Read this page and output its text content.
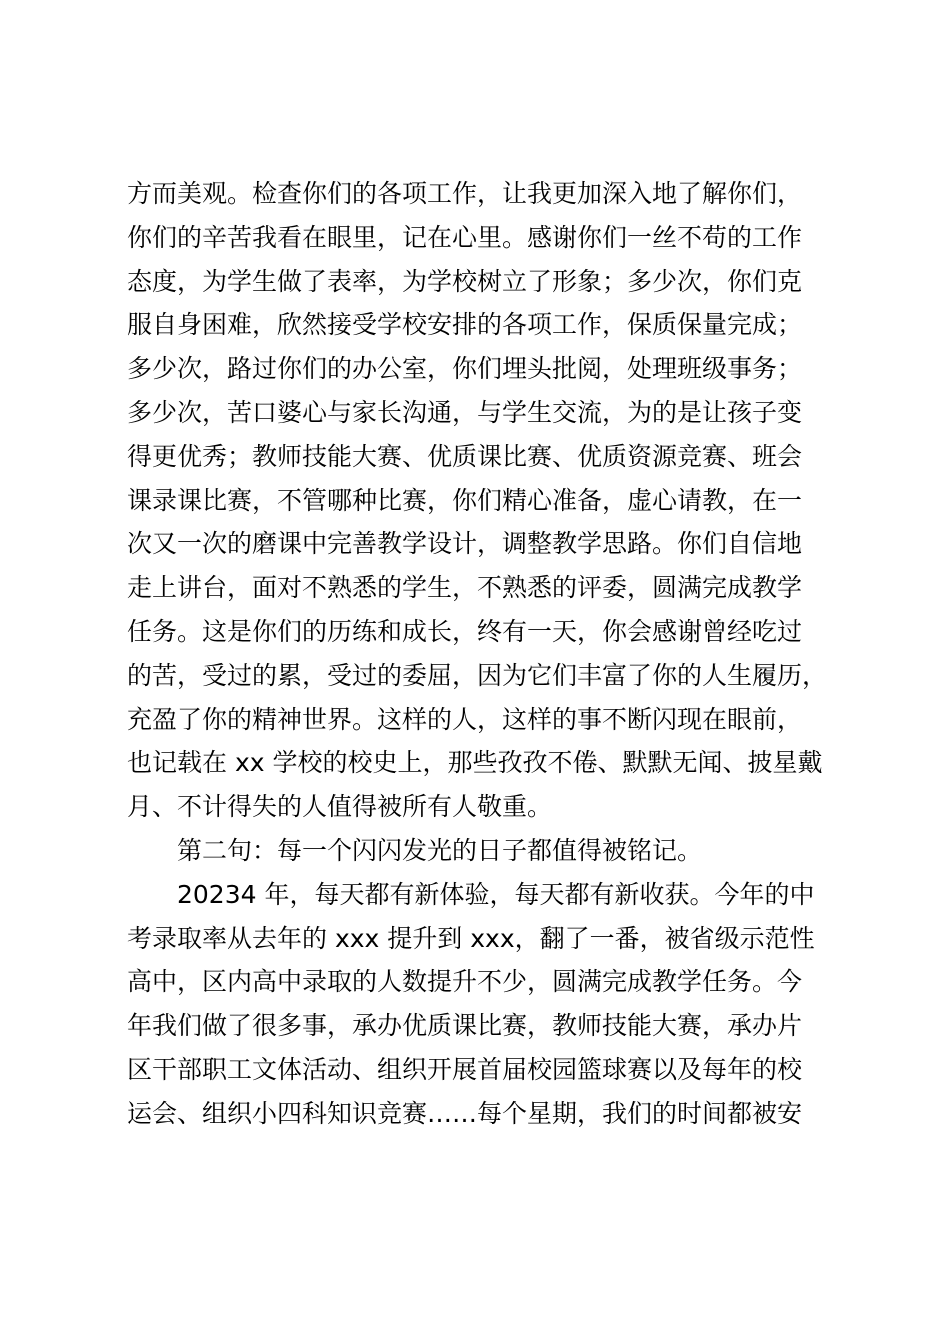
方而美观。检查你们的各项工作，让我更加深入地了解你们，
你们的辛苦我看在眼里，记在心里。感谢你们一丝不苟的工作
态度，为学生做了表率，为学校树立了形象；多少次，你们克
服自身困难，欣然接受学校安排的各项工作，保质保量完成；
多少次，路过你们的办公室，你们埋头批阅，处理班级事务；
多少次，苦口婆心与家长沟通，与学生交流，为的是让孩子变
得更优秀；教师技能大赛、优质课比赛、优质资源竞赛、班会
课录课比赛，不管哪种比赛，你们精心准备，虚心请教，在一
次又一次的磨课中完善教学设计，调整教学思路。你们自信地
走上讲台，面对不熟悉的学生，不熟悉的评委，圆满完成教学
任务。这是你们的历练和成长，终有一天，你会感谢曾经吃过
的苦，受过的累，受过的委屈，因为它们丰富了你的人生履历，
充盈了你的精神世界。这样的人，这样的事不断闪现在眼前，
也记载在 xx 学校的校史上，那些孜孜不倦、默默无闻、披星戴
月、不计得失的人值得被所有人敬重。
第二句：每一个闪闪发光的日子都值得被铭记。
20234 年，每天都有新体验，每天都有新收获。今年的中
考录取率从去年的 xxx 提升到 xxx，翻了一番，被省级示范性
高中，区内高中录取的人数提升不少，圆满完成教学任务。今
年我们做了很多事，承办优质课比赛，教师技能大赛，承办片
区干部职工文体活动、组织开展首届校园篮球赛以及每年的校
运会、组织小四科知识竞赛……每个星期，我们的时间都被安
